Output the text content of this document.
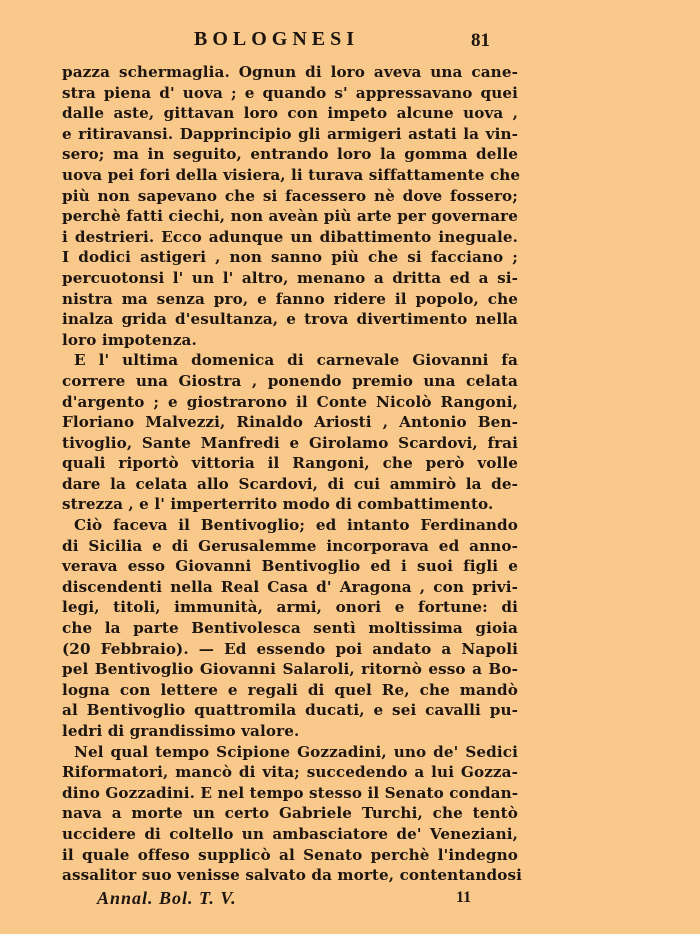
BOLOGNESI	81
pazza schermaglia. Ognun di loro aveva una cane-
stra piena d' uova ; e quando s' appressavano quei
dalle aste, gittavan loro con impeto alcune uova ,
e ritiravansi. Dapprincipio gli armigeri astati la vin-
sero; ma in seguito, entrando loro la gomma delle
uova pei fori della visiera, li turava siffattamente che
più non sapevano che si facessero nè dove fossero;
perchè fatti ciechi, non aveàn più arte per governare
i destrieri. Ecco adunque un dibattimento ineguale.
I dodici astigeri , non sanno più che si facciano ;
percuotonsi l' un l' altro, menano a dritta ed a si-
nistra ma senza pro, e fanno ridere il popolo, che
inalza grida d'esultanza, e trova divertimento nella
loro impotenza.
E l' ultima domenica di carnevale Giovanni fa
correre una Giostra , ponendo premio una celata
d'argento ; e giostrarono il Conte Nicolò Rangoni,
Floriano Malvezzi, Rinaldo Ariosti , Antonio Ben-
tivoglio, Sante Manfredi e Girolamo Scardovi, frai
quali riportò vittoria il Rangoni, che però volle
dare la celata allo Scardovi, di cui ammirò la de-
strezza , e l' imperterrito modo di combattimento.
Ciò faceva il Bentivoglio; ed intanto Ferdinando
di Sicilia e di Gerusalemme incorporava ed anno-
verava esso Giovanni Bentivoglio ed i suoi figli e
discendenti nella Real Casa d' Aragona , con privi-
legi, titoli, immunità, armi, onori e fortune: di
che la parte Bentivolesca sentì moltissima gioia
(20 Febbraio). — Ed essendo poi andato a Napoli
pel Bentivoglio Giovanni Salaroli, ritornò esso a Bo-
logna con lettere e regali di quel Re, che mandò
al Bentivoglio quattromila ducati, e sei cavalli pu-
ledri di grandissimo valore.
Nel qual tempo Scipione Gozzadini, uno de' Sedici
Riformatori, mancò di vita; succedendo a lui Gozza-
dino Gozzadini. E nel tempo stesso il Senato condan-
nava a morte un certo Gabriele Turchi, che tentò
uccidere di coltello un ambasciatore de' Veneziani,
il quale offeso supplicò al Senato perchè l'indegno
assalitor suo venisse salvato da morte, contentandosi
Annal. Bol. T. V.	11
